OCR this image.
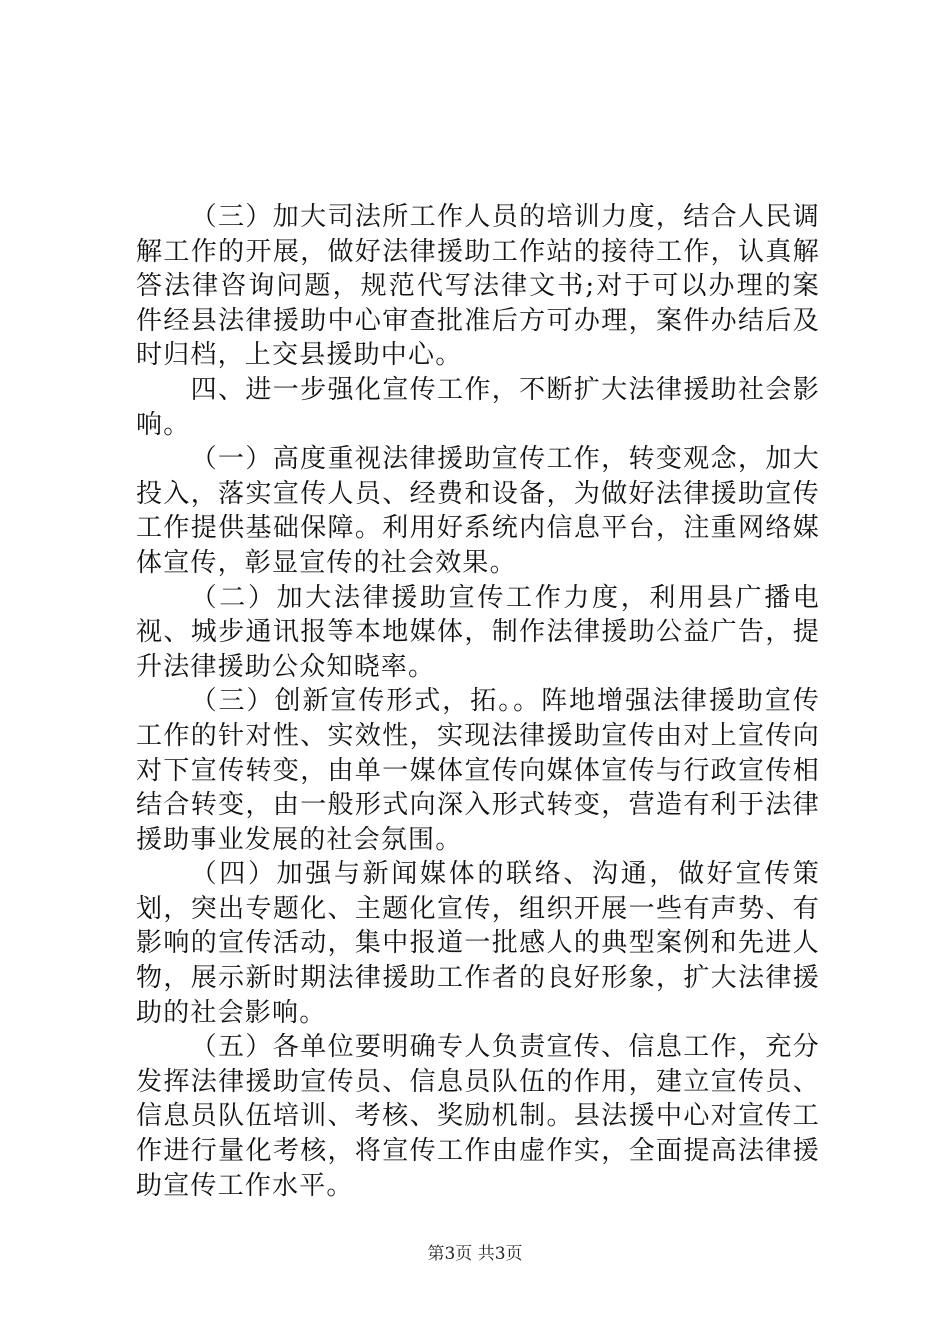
（三）加大司法所工作人员的培训力度，结合人民调解工作的开展，做好法律援助工作站的接待工作，认真解答法律咨询问题，规范代写法律文书;对于可以办理的案件经县法律援助中心审查批准后方可办理，案件办结后及时归档，上交县援助中心。

四、进一步强化宣传工作，不断扩大法律援助社会影响。

（一）高度重视法律援助宣传工作，转变观念，加大投入，落实宣传人员、经费和设备，为做好法律援助宣传工作提供基础保障。利用好系统内信息平台，注重网络媒体宣传，彰显宣传的社会效果。

（二）加大法律援助宣传工作力度，利用县广播电视、城步通讯报等本地媒体，制作法律援助公益广告，提升法律援助公众知晓率。

（三）创新宣传形式，拓。。阵地增强法律援助宣传工作的针对性、实效性，实现法律援助宣传由对上宣传向对下宣传转变，由单一媒体宣传向媒体宣传与行政宣传相结合转变，由一般形式向深入形式转变，营造有利于法律援助事业发展的社会氛围。

（四）加强与新闻媒体的联络、沟通，做好宣传策划，突出专题化、主题化宣传，组织开展一些有声势、有影响的宣传活动，集中报道一批感人的典型案例和先进人物，展示新时期法律援助工作者的良好形象，扩大法律援助的社会影响。

（五）各单位要明确专人负责宣传、信息工作，充分发挥法律援助宣传员、信息员队伍的作用，建立宣传员、信息员队伍培训、考核、奖励机制。县法援中心对宣传工作进行量化考核，将宣传工作由虚作实，全面提高法律援助宣传工作水平。

第3页 共3页
